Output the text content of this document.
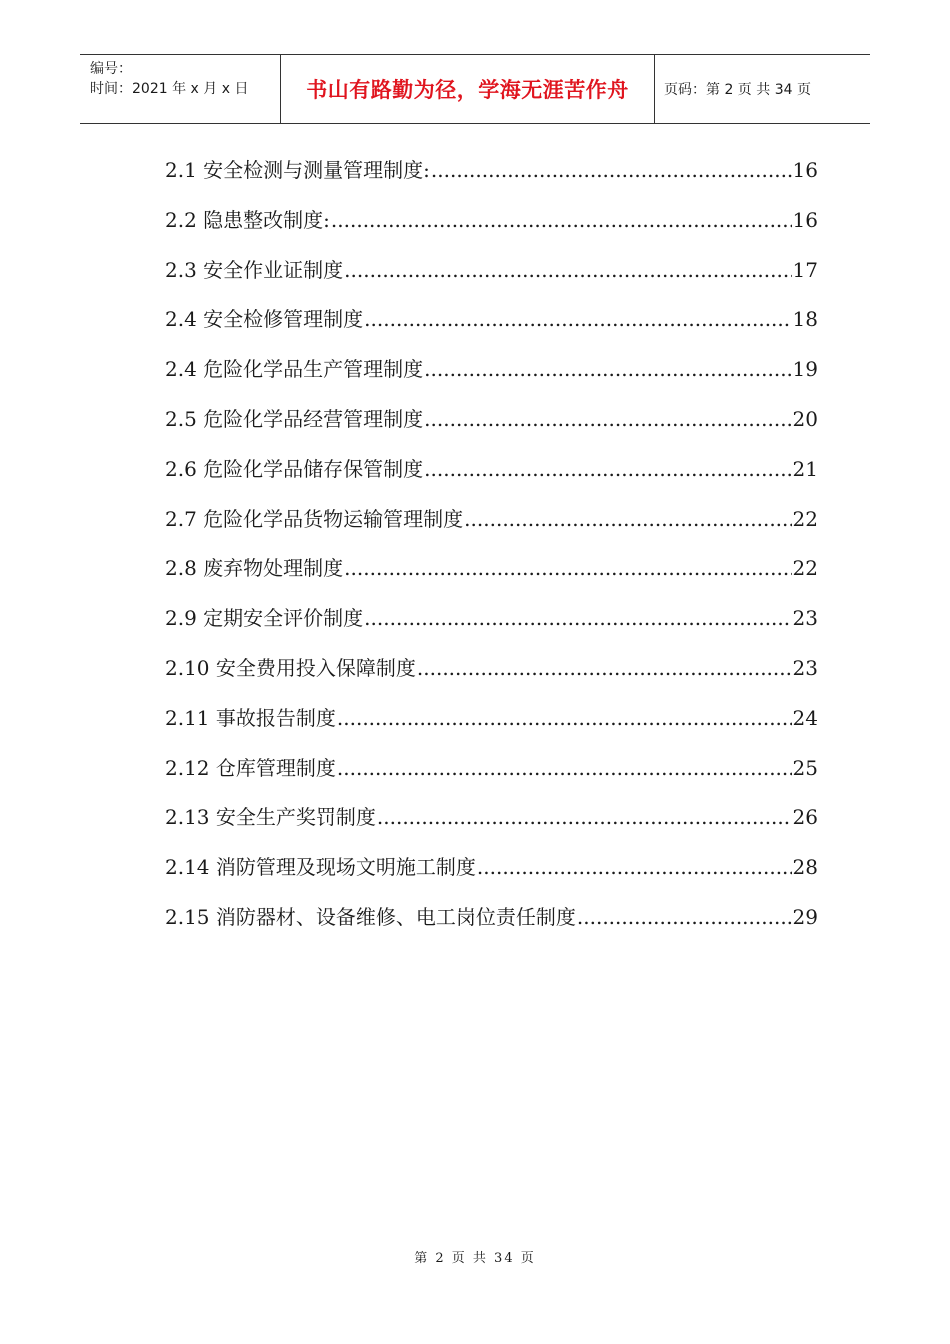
编号：
时间：2021 年 x 月 x 日	书山有路勤为径，学海无涯苦作舟	页码：第 2 页 共 34 页
2.1 安全检测与测量管理制度: .....	16
2.2 隐患整改制度: .....	16
2.3 安全作业证制度 .....	17
2.4 安全检修管理制度 .....	18
2.4 危险化学品生产管理制度 .....	19
2.5 危险化学品经营管理制度 .....	20
2.6 危险化学品储存保管制度 .....	21
2.7 危险化学品货物运输管理制度 .....	22
2.8 废弃物处理制度 .....	22
2.9 定期安全评价制度 .....	23
2.10 安全费用投入保障制度 .....	23
2.11 事故报告制度 .....	24
2.12 仓库管理制度 .....	25
2.13 安全生产奖罚制度 .....	26
2.14 消防管理及现场文明施工制度 .....	28
2.15 消防器材、设备维修、电工岗位责任制度 .....	29
第 2 页 共 34 页
